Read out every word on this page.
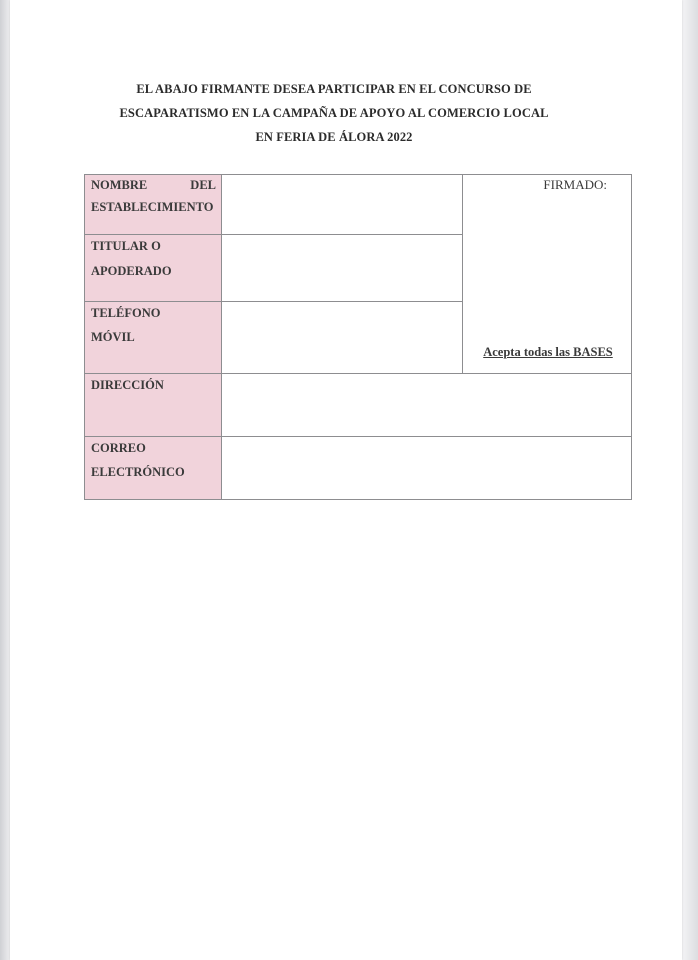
EL ABAJO FIRMANTE DESEA PARTICIPAR EN EL CONCURSO DE
ESCAPARATISMO EN LA CAMPAÑA DE APOYO AL COMERCIO LOCAL
EN FERIA DE ÁLORA 2022
NOMBRE	DEL
ESTABLECIMIENTO
TITULAR O
APODERADO
TELÉFONO
MÓVIL
FIRMADO:
Acepta todas las BASES
DIRECCIÓN
CORREO
ELECTRÓNICO
